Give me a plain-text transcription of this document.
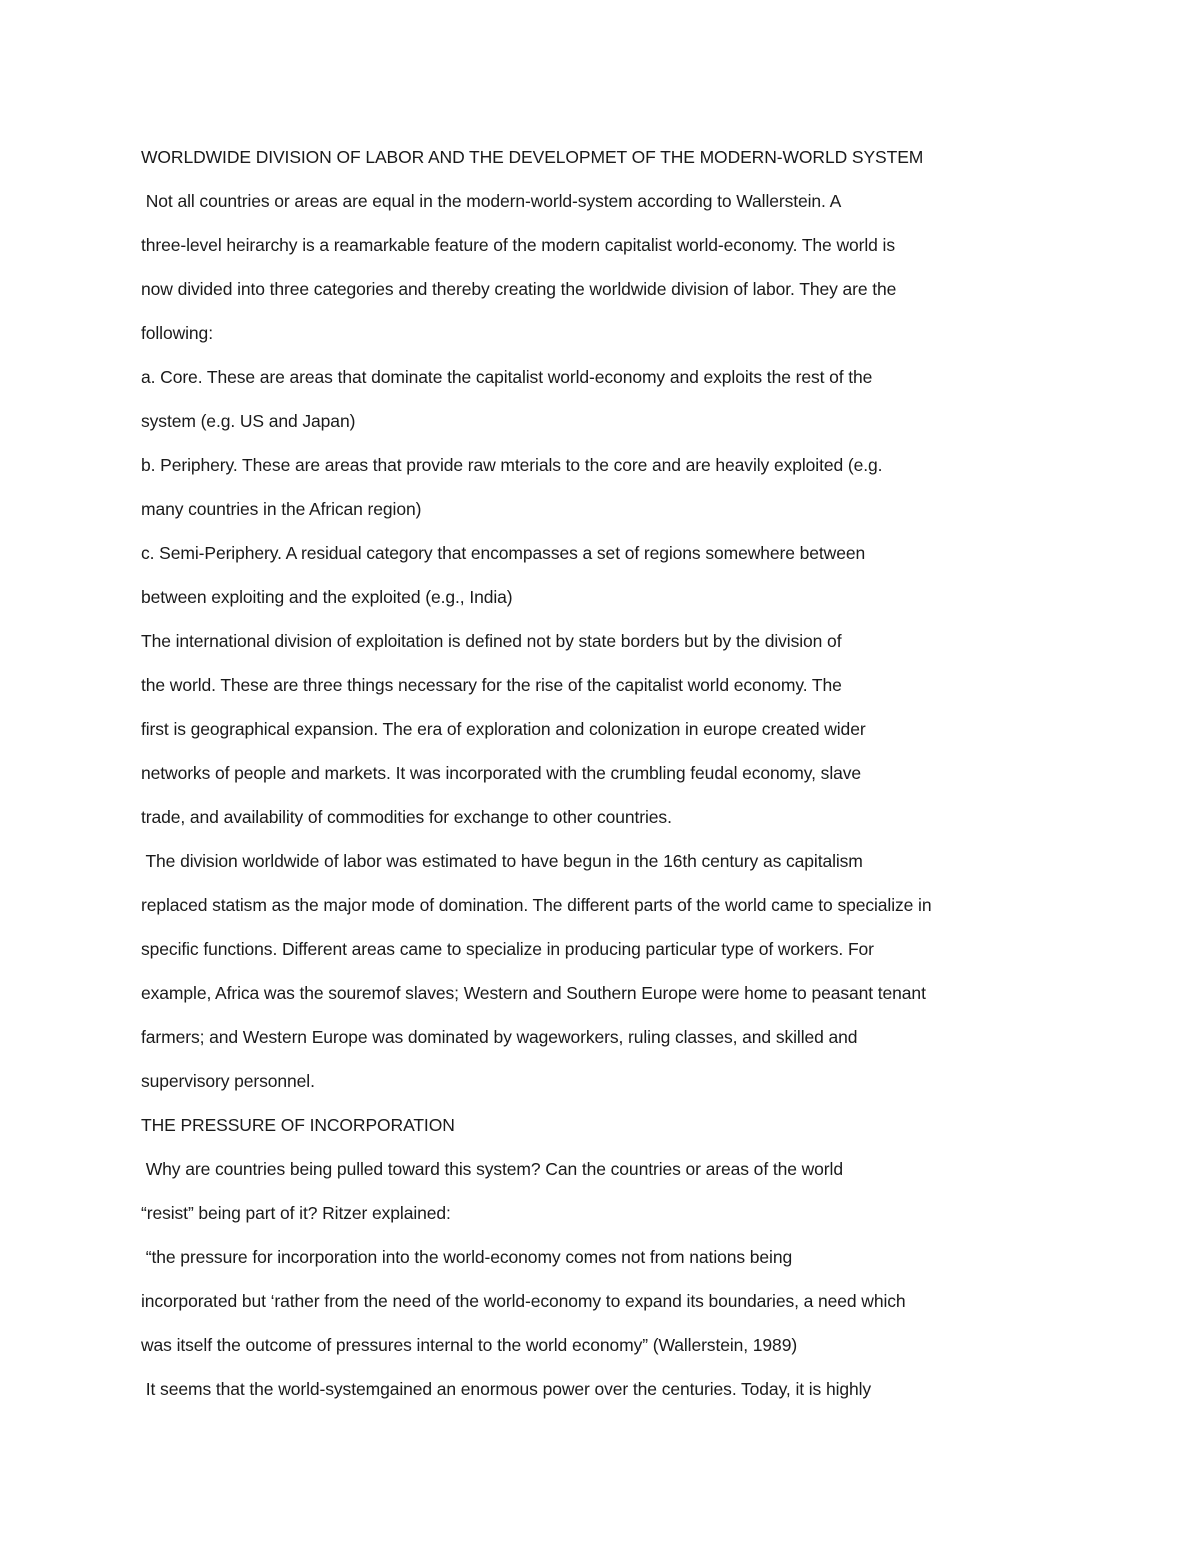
WORLDWIDE DIVISION OF LABOR AND THE DEVELOPMET OF THE MODERN-WORLD SYSTEM
Not all countries or areas are equal in the modern-world-system according to Wallerstein. A
three-level heirarchy is a reamarkable feature of the modern capitalist world-economy. The world is
now divided into three categories and thereby creating the worldwide division of labor. They are the
following:
a. Core. These are areas that dominate the capitalist world-economy and exploits the rest of the
system (e.g. US and Japan)
b. Periphery. These are areas that provide raw mterials to the core and are heavily exploited (e.g.
many countries in the African region)
c. Semi-Periphery. A residual category that encompasses a set of regions somewhere between
between exploiting and the exploited (e.g., India)
The international division of exploitation is defined not by state borders but by the division of
the world. These are three things necessary for the rise of the capitalist world economy. The
first is geographical expansion. The era of exploration and colonization in europe created wider
networks of people and markets. It was incorporated with the crumbling feudal economy, slave
trade, and availability of commodities for exchange to other countries.
The division worldwide of labor was estimated to have begun in the 16th century as capitalism
replaced statism as the major mode of domination. The different parts of the world came to specialize in
specific functions. Different areas came to specialize in producing particular type of workers. For
example, Africa was the souremof slaves; Western and Southern Europe were home to peasant tenant
farmers; and Western Europe was dominated by wageworkers, ruling classes, and skilled and
supervisory personnel.
THE PRESSURE OF INCORPORATION
Why are countries being pulled toward this system? Can the countries or areas of the world
“resist” being part of it? Ritzer explained:
“the pressure for incorporation into the world-economy comes not from nations being
incorporated but ‘rather from the need of the world-economy to expand its boundaries, a need which
was itself the outcome of pressures internal to the world economy” (Wallerstein, 1989)
It seems that the world-systemgained an enormous power over the centuries. Today, it is highly
